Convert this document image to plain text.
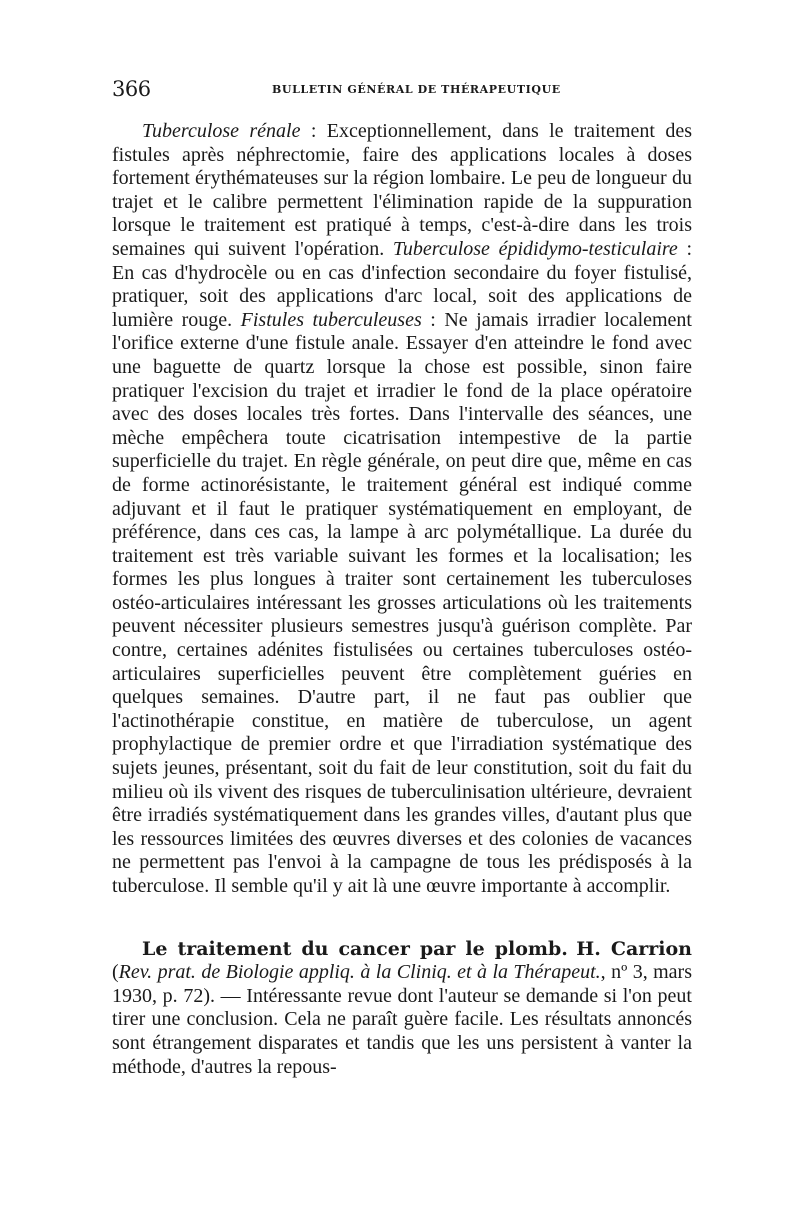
366	BULLETIN GÉNÉRAL DE THÉRAPEUTIQUE

Tuberculose rénale : Exceptionnellement, dans le traitement des fistules après néphrectomie, faire des applications locales à doses fortement érythémateuses sur la région lombaire. Le peu de longueur du trajet et le calibre permettent l'élimination rapide de la suppuration lorsque le traitement est pratiqué à temps, c'est-à-dire dans les trois semaines qui suivent l'opération. Tuberculose épididymo-testiculaire : En cas d'hydrocèle ou en cas d'infection secondaire du foyer fistulisé, pratiquer, soit des applications d'arc local, soit des applications de lumière rouge. Fistules tuberculeuses : Ne jamais irradier localement l'orifice externe d'une fistule anale. Essayer d'en atteindre le fond avec une baguette de quartz lorsque la chose est possible, sinon faire pratiquer l'excision du trajet et irradier le fond de la place opératoire avec des doses locales très fortes. Dans l'intervalle des séances, une mèche empêchera toute cicatrisation intempestive de la partie superficielle du trajet. En règle générale, on peut dire que, même en cas de forme actinorésistante, le traitement général est indiqué comme adjuvant et il faut le pratiquer systématiquement en employant, de préférence, dans ces cas, la lampe à arc polymétallique. La durée du traitement est très variable suivant les formes et la localisation; les formes les plus longues à traiter sont certainement les tuberculoses ostéo-articulaires intéressant les grosses articulations où les traitements peuvent nécessiter plusieurs semestres jusqu'à guérison complète. Par contre, certaines adénites fistulisées ou certaines tuberculoses ostéo-articulaires superficielles peuvent être complètement guéries en quelques semaines. D'autre part, il ne faut pas oublier que l'actinothérapie constitue, en matière de tuberculose, un agent prophylactique de premier ordre et que l'irradiation systématique des sujets jeunes, présentant, soit du fait de leur constitution, soit du fait du milieu où ils vivent des risques de tuberculinisation ultérieure, devraient être irradiés systématiquement dans les grandes villes, d'autant plus que les ressources limitées des œuvres diverses et des colonies de vacances ne permettent pas l'envoi à la campagne de tous les prédisposés à la tuberculose. Il semble qu'il y ait là une œuvre importante à accomplir.

Le traitement du cancer par le plomb. H. Carrion (Rev. prat. de Biologie appliq. à la Cliniq. et à la Thérapeut., nº 3, mars 1930, p. 72). — Intéressante revue dont l'auteur se demande si l'on peut tirer une conclusion. Cela ne paraît guère facile. Les résultats annoncés sont étrangement disparates et tandis que les uns persistent à vanter la méthode, d'autres la repous-
